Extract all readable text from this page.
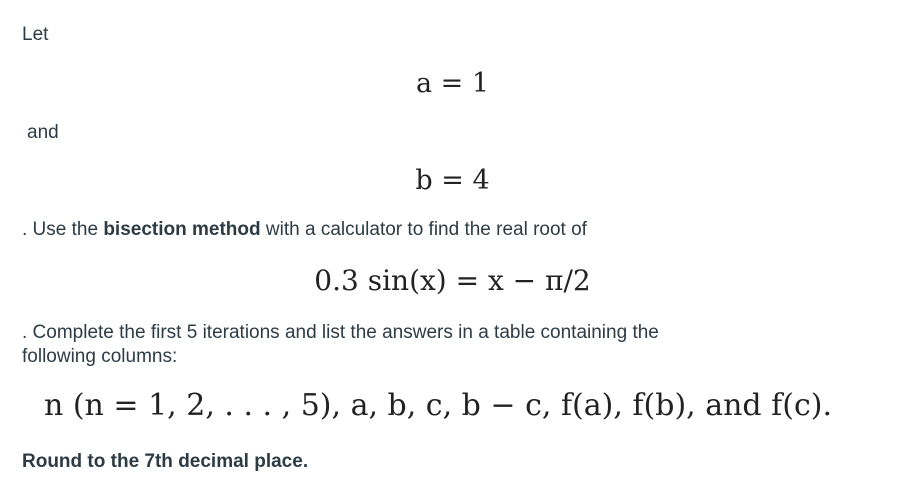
Let
a = 1
and
b = 4
. Use the bisection method with a calculator to find the real root of
0.3 sin(x) = x − π/2
. Complete the first 5 iterations and list the answers in a table containing the
following columns:
n (n = 1, 2, . . . , 5), a, b, c, b − c, f(a), f(b), and f(c).
Round to the 7th decimal place.
